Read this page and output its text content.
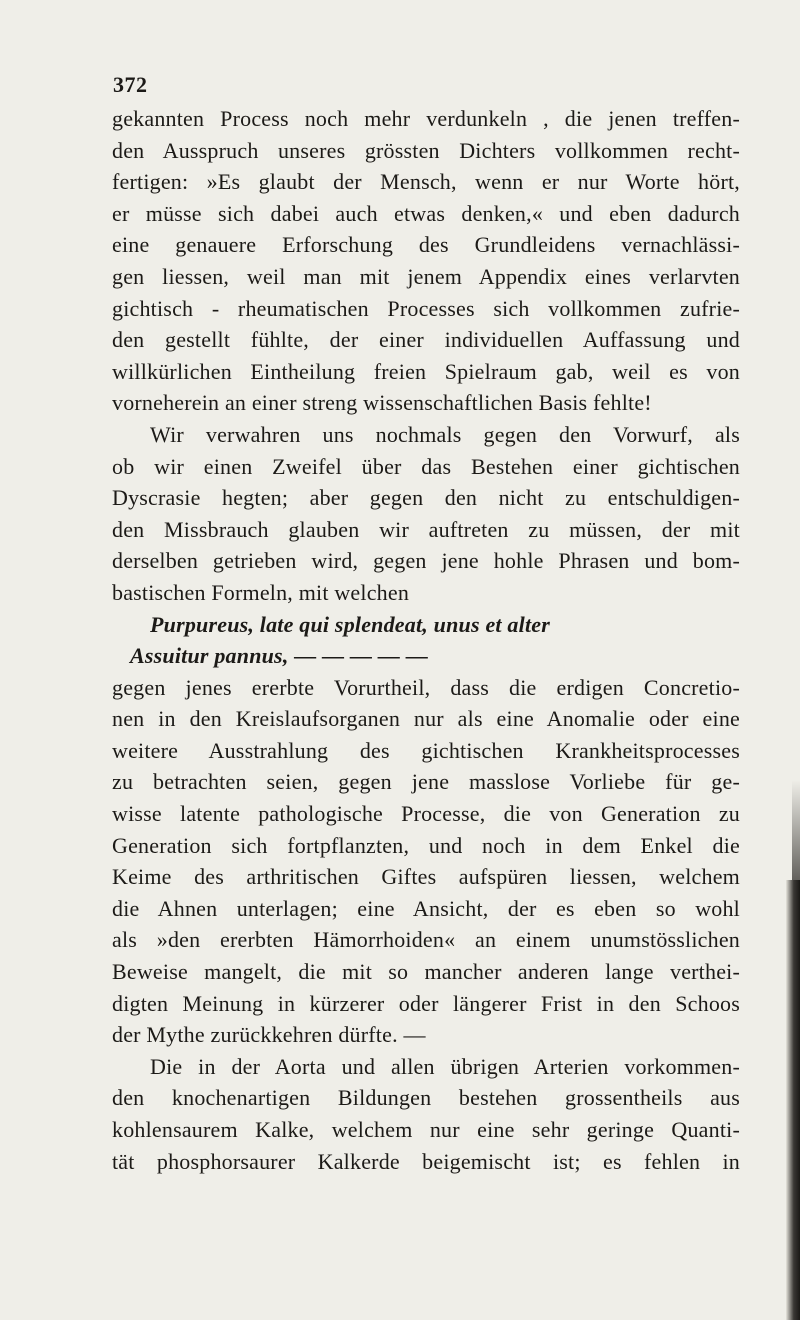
372
gekannten Process noch mehr verdunkeln , die jenen treffen-
den Ausspruch unseres grössten Dichters vollkommen recht-
fertigen: »Es glaubt der Mensch, wenn er nur Worte hört,
er müsse sich dabei auch etwas denken,« und eben dadurch
eine genauere Erforschung des Grundleidens vernachlässi-
gen liessen, weil man mit jenem Appendix eines verlarvten
gichtisch - rheumatischen Processes sich vollkommen zufrie-
den gestellt fühlte, der einer individuellen Auffassung und
willkürlichen Eintheilung freien Spielraum gab, weil es von
vorneherein an einer streng wissenschaftlichen Basis fehlte!
Wir verwahren uns nochmals gegen den Vorwurf, als
ob wir einen Zweifel über das Bestehen einer gichtischen
Dyscrasie hegten; aber gegen den nicht zu entschuldigen-
den Missbrauch glauben wir auftreten zu müssen, der mit
derselben getrieben wird, gegen jene hohle Phrasen und bom-
bastischen Formeln, mit welchen
Purpureus, late qui splendeat, unus et alter
Assuitur pannus, — — — — —
gegen jenes ererbte Vorurtheil, dass die erdigen Concretio-
nen in den Kreislaufsorganen nur als eine Anomalie oder eine
weitere Ausstrahlung des gichtischen Krankheitsprocesses
zu betrachten seien, gegen jene masslose Vorliebe für ge-
wisse latente pathologische Processe, die von Generation zu
Generation sich fortpflanzten, und noch in dem Enkel die
Keime des arthritischen Giftes aufspüren liessen, welchem
die Ahnen unterlagen; eine Ansicht, der es eben so wohl
als »den ererbten Hämorrhoiden« an einem unumstösslichen
Beweise mangelt, die mit so mancher anderen lange verthei-
digten Meinung in kürzerer oder längerer Frist in den Schoos
der Mythe zurückkehren dürfte. —
Die in der Aorta und allen übrigen Arterien vorkommen-
den knochenartigen Bildungen bestehen grossentheils aus
kohlensaurem Kalke, welchem nur eine sehr geringe Quanti-
tät phosphorsaurer Kalkerde beigemischt ist; es fehlen in
